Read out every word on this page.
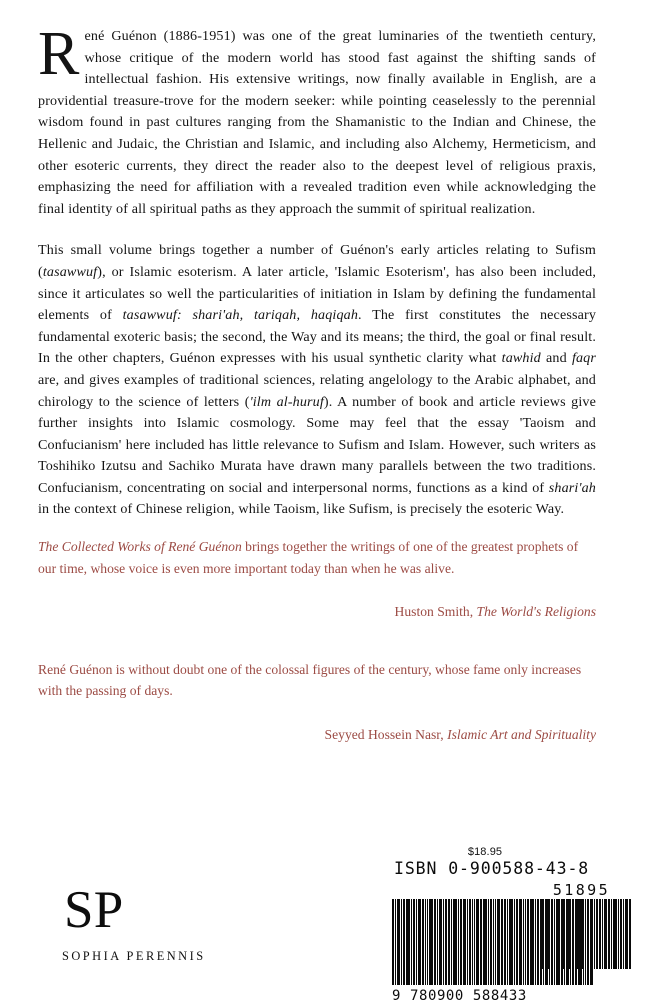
René Guénon (1886-1951) was one of the great luminaries of the twentieth century, whose critique of the modern world has stood fast against the shifting sands of intellectual fashion. His extensive writings, now finally available in English, are a providential treasure-trove for the modern seeker: while pointing ceaselessly to the perennial wisdom found in past cultures ranging from the Shamanistic to the Indian and Chinese, the Hellenic and Judaic, the Christian and Islamic, and including also Alchemy, Hermeticism, and other esoteric currents, they direct the reader also to the deepest level of religious praxis, emphasizing the need for affiliation with a revealed tradition even while acknowledging the final identity of all spiritual paths as they approach the summit of spiritual realization.

This small volume brings together a number of Guénon's early articles relating to Sufism (tasawwuf), or Islamic esoterism. A later article, 'Islamic Esoterism', has also been included, since it articulates so well the particularities of initiation in Islam by defining the fundamental elements of tasawwuf: shari'ah, tariqah, haqiqah. The first constitutes the necessary fundamental exoteric basis; the second, the Way and its means; the third, the goal or final result. In the other chapters, Guénon expresses with his usual synthetic clarity what tawhid and faqr are, and gives examples of traditional sciences, relating angelology to the Arabic alphabet, and chirology to the science of letters ('ilm al-huruf). A number of book and article reviews give further insights into Islamic cosmology. Some may feel that the essay 'Taoism and Confucianism' here included has little relevance to Sufism and Islam. However, such writers as Toshihiko Izutsu and Sachiko Murata have drawn many parallels between the two traditions. Confucianism, concentrating on social and interpersonal norms, functions as a kind of shari'ah in the context of Chinese religion, while Taoism, like Sufism, is precisely the esoteric Way.

The Collected Works of René Guénon brings together the writings of one of the greatest prophets of our time, whose voice is even more important today than when he was alive.

Huston Smith, The World's Religions

René Guénon is without doubt one of the colossal figures of the century, whose fame only increases with the passing of days.

Seyyed Hossein Nasr, Islamic Art and Spirituality

SP
SOPHIA PERENNIS
$18.95
ISBN 0-900588-43-8
51895
9 780900 588433
